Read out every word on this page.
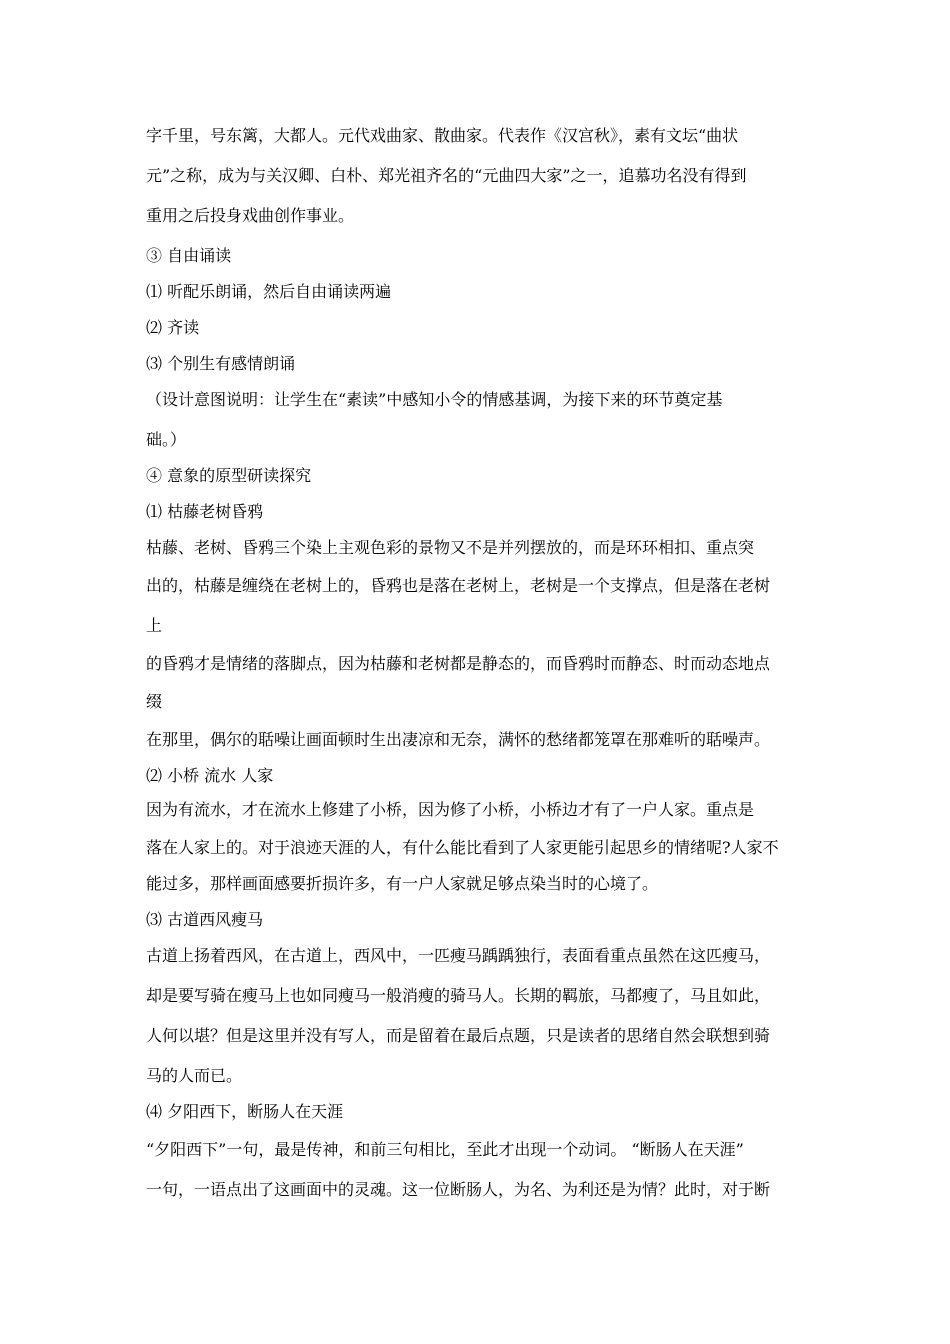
字千里，号东篱，大都人。元代戏曲家、散曲家。代表作《汉宫秋》，素有文坛“曲状
元”之称，成为与关汉卿、白朴、郑光祖齐名的“元曲四大家”之一，追慕功名没有得到
重用之后投身戏曲创作事业。
③ 自由诵读
⑴ 听配乐朗诵，然后自由诵读两遍
⑵ 齐读
⑶ 个别生有感情朗诵
（设计意图说明：让学生在“素读”中感知小令的情感基调，为接下来的环节奠定基
础。）
④ 意象的原型研读探究
⑴ 枯藤老树昏鸦
枯藤、老树、昏鸦三个染上主观色彩的景物又不是并列摆放的，而是环环相扣、重点突
出的，枯藤是缠绕在老树上的，昏鸦也是落在老树上，老树是一个支撑点，但是落在老树
上
的昏鸦才是情绪的落脚点，因为枯藤和老树都是静态的，而昏鸦时而静态、时而动态地点
缀
在那里，偶尔的聒噪让画面顿时生出凄凉和无奈，满怀的愁绪都笼罩在那难听的聒噪声。
⑵ 小桥 流水 人家
因为有流水，才在流水上修建了小桥，因为修了小桥，小桥边才有了一户人家。重点是
落在人家上的。对于浪迹天涯的人，有什么能比看到了人家更能引起思乡的情绪呢?人家不
能过多，那样画面感要折损许多，有一户人家就足够点染当时的心境了。
⑶ 古道西风瘦马
古道上扬着西风，在古道上，西风中，一匹瘦马踽踽独行，表面看重点虽然在这匹瘦马，
却是要写骑在瘦马上也如同瘦马一般消瘦的骑马人。长期的羁旅，马都瘦了，马且如此，
人何以堪？但是这里并没有写人，而是留着在最后点题，只是读者的思绪自然会联想到骑
马的人而已。
⑷ 夕阳西下，断肠人在天涯
“夕阳西下”一句，最是传神，和前三句相比，至此才出现一个动词。 “断肠人在天涯”
一句，一语点出了这画面中的灵魂。这一位断肠人，为名、为利还是为情？此时，对于断
